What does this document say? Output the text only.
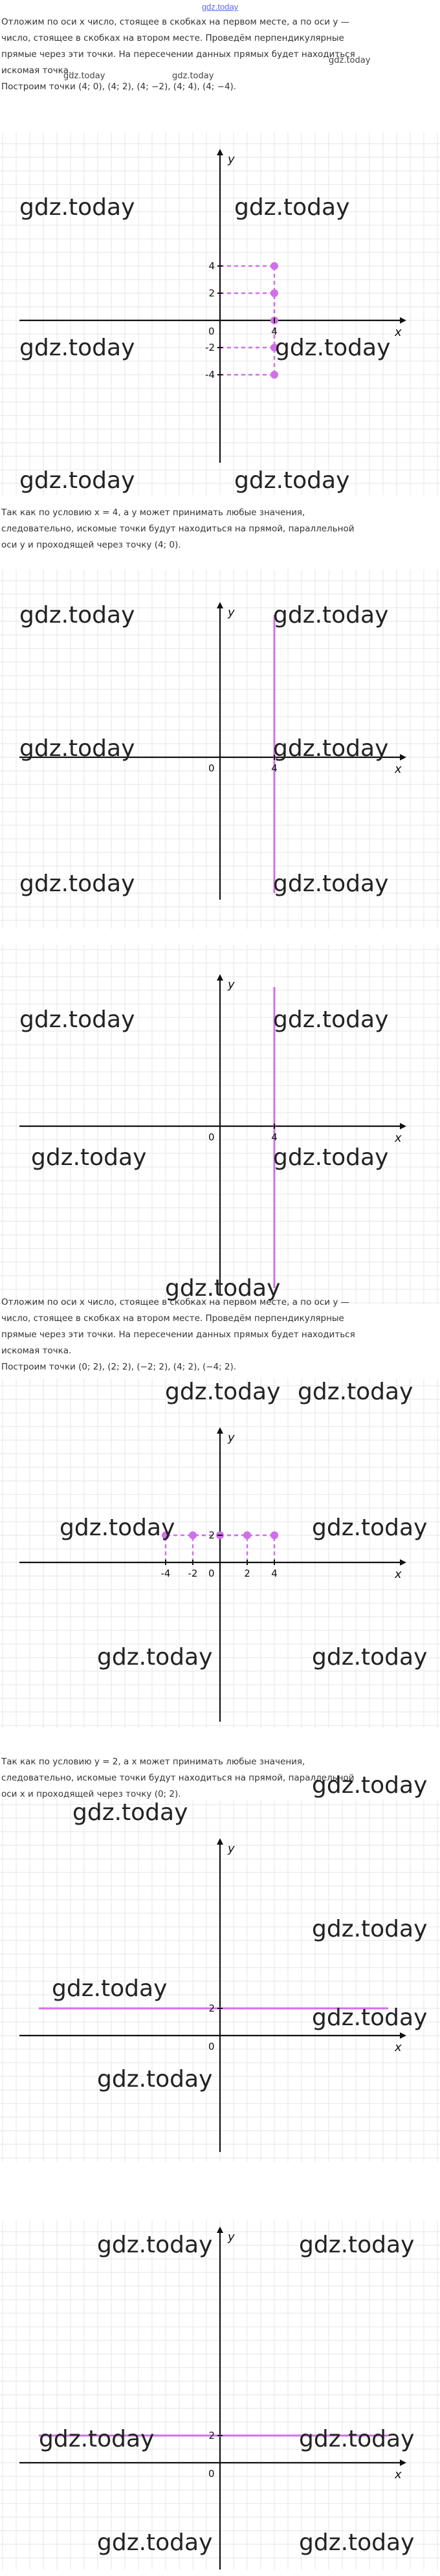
gdz.today
Отложим по оси x число, стоящее в скобках на первом месте, а по оси y —
число, стоящее в скобках на втором месте. Проведём перпендикулярные
прямые через эти точки. На пересечении данных прямых будет находиться
искомая точка.
Построим точки (4; 0), (4; 2), (4; −2), (4; 4), (4; −4).
gdz.today
gdz.today	gdz.today
x
y
0	4
4
2
-2
-4
gdz.today	gdz.today
gdz.today	gdz.today
gdz.today	gdz.today
Так как по условию x = 4, а y может принимать любые значения,
следовательно, искомые точки будут находиться на прямой, параллельной
оси y и проходящей через точку (4; 0).
x
y
0	4
gdz.today	gdz.today
gdz.today	gdz.today
gdz.today	gdz.today
x
y
0	4
gdz.today	gdz.today
gdz.today	gdz.today
gdz.today
Отложим по оси x число, стоящее в скобках на первом месте, а по оси y —
число, стоящее в скобках на втором месте. Проведём перпендикулярные
прямые через эти точки. На пересечении данных прямых будет находиться
искомая точка.
Построим точки (0; 2), (2; 2), (−2; 2), (4; 2), (−4; 2).
x
y
0
-4 -2	2 4
2
gdz.today gdz.today
gdz.today	gdz.today
gdz.today	gdz.today
Так как по условию y = 2, а x может принимать любые значения,
следовательно, искомые точки будут находиться на прямой, параллельной
оси x и проходящей через точку (0; 2).	gdz.today
x
y
0
2
gdz.today
gdz.today
gdz.today
gdz.today
gdz.today
x
y
0
2
gdz.today	gdz.today
gdz.today	gdz.today
gdz.today	gdz.today
